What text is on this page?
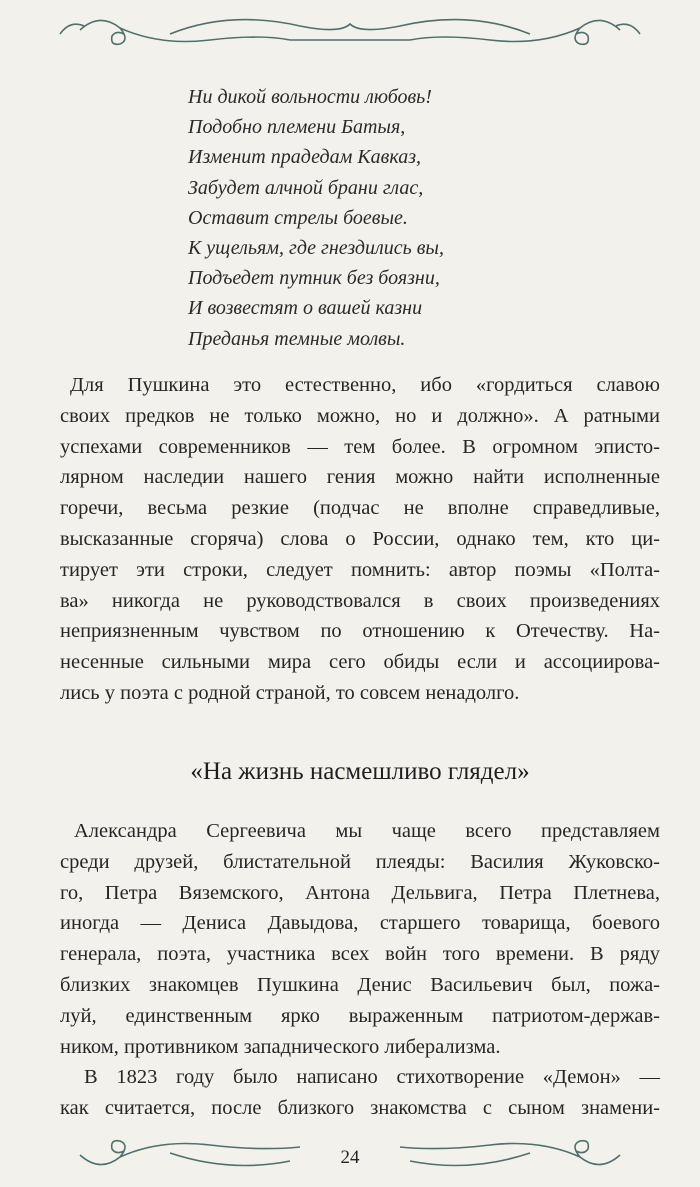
Ни дикой вольности любовь!
Подобно племени Батыя,
Изменит прадедам Кавказ,
Забудет алчной брани глас,
Оставит стрелы боевые.
К ущельям, где гнездились вы,
Подъедет путник без боязни,
И возвестят о вашей казни
Преданья темные молвы.
Для Пушкина это естественно, ибо «гордиться славою
своих предков не только можно, но и должно». А ратными
успехами современников — тем более. В огромном эписто-
лярном наследии нашего гения можно найти исполненные
горечи, весьма резкие (подчас не вполне справедливые,
высказанные сгоряча) слова о России, однако тем, кто ци-
тирует эти строки, следует помнить: автор поэмы «Полта-
ва» никогда не руководствовался в своих произведениях
неприязненным чувством по отношению к Отечеству. На-
несенные сильными мира сего обиды если и ассоциирова-
лись у поэта с родной страной, то совсем ненадолго.
«На жизнь насмешливо глядел»
Александра Сергеевича мы чаще всего представляем
среди друзей, блистательной плеяды: Василия Жуковско-
го, Петра Вяземского, Антона Дельвига, Петра Плетнева,
иногда — Дениса Давыдова, старшего товарища, боевого
генерала, поэта, участника всех войн того времени. В ряду
близких знакомцев Пушкина Денис Васильевич был, пожа-
луй, единственным ярко выраженным патриотом-держав-
ником, противником западнического либерализма.
В 1823 году было написано стихотворение «Демон» —
как считается, после близкого знакомства с сыном знамени-
24
